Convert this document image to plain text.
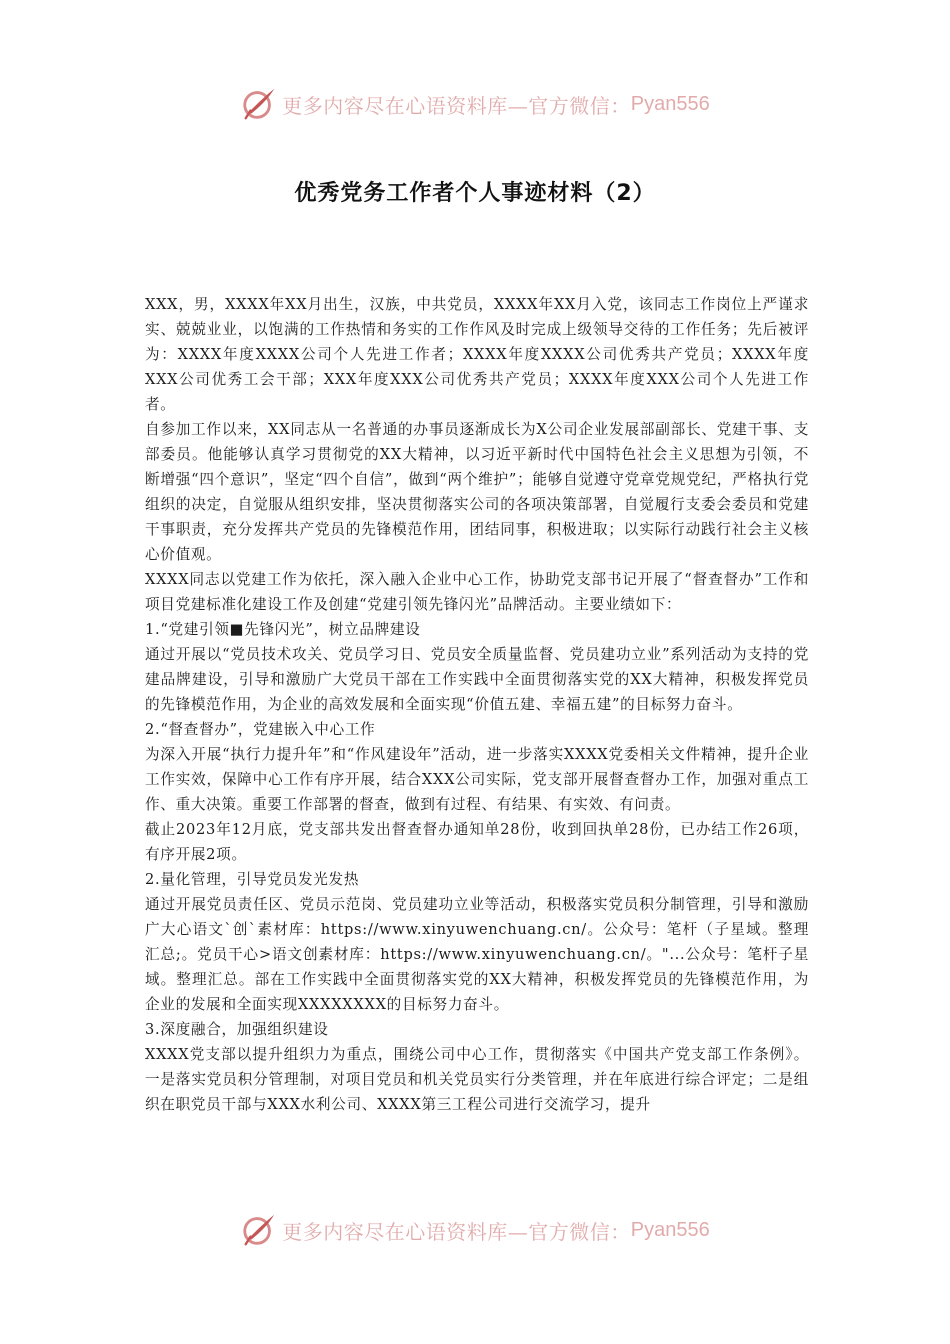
更多内容尽在心语资料库—官方微信： Pyan556
优秀党务工作者个人事迹材料（2）

XXX，男，XXXX年XX月出生，汉族，中共党员，XXXX年XX月入党，该同志工作岗位上严谨求实、兢兢业业，以饱满的工作热情和务实的工作作风及时完成上级领导交待的工作任务；先后被评为：XXXX年度XXXX公司个人先进工作者；XXXX年度XXXX公司优秀共产党员；XXXX年度XXX公司优秀工会干部；XXX年度XXX公司优秀共产党员；XXXX年度XXX公司个人先进工作者。

自参加工作以来，XX同志从一名普通的办事员逐渐成长为X公司企业发展部副部长、党建干事、支部委员。他能够认真学习贯彻党的XX大精神，以习近平新时代中国特色社会主义思想为引领，不断增强“四个意识”，坚定“四个自信”，做到“两个维护”；能够自觉遵守党章党规党纪，严格执行党组织的决定，自觉服从组织安排，坚决贯彻落实公司的各项决策部署，自觉履行支委会委员和党建干事职责，充分发挥共产党员的先锋模范作用，团结同事，积极进取；以实际行动践行社会主义核心价值观。

XXXX同志以党建工作为依托，深入融入企业中心工作，协助党支部书记开展了“督查督办”工作和项目党建标准化建设工作及创建“党建引领先锋闪光”品牌活动。主要业绩如下：

1.“党建引领■先锋闪光”，树立品牌建设

通过开展以“党员技术攻关、党员学习日、党员安全质量监督、党员建功立业”系列活动为支持的党建品牌建设，引导和激励广大党员干部在工作实践中全面贯彻落实党的XX大精神，积极发挥党员的先锋模范作用，为企业的高效发展和全面实现“价值五建、幸福五建”的目标努力奋斗。

2.“督查督办”，党建嵌入中心工作

为深入开展“执行力提升年”和“作风建设年”活动，进一步落实XXXX党委相关文件精神，提升企业工作实效，保障中心工作有序开展，结合XXX公司实际，党支部开展督查督办工作，加强对重点工作、重大决策。重要工作部署的督查，做到有过程、有结果、有实效、有问责。

截止2023年12月底，党支部共发出督查督办通知单28份，收到回执单28份，已办结工作26项，有序开展2项。

2.量化管理，引导党员发光发热

通过开展党员责任区、党员示范岗、党员建功立业等活动，积极落实党员积分制管理，引导和激励广大心语文`创`素材库：https://www.xinyuwenchuang.cn/。公众号：笔杆（子星域。整理汇总;。党员干心>语文创素材库：https://www.xinyuwenchuang.cn/。"...公众号：笔杆子星域。整理汇总。部在工作实践中全面贯彻落实党的XX大精神，积极发挥党员的先锋模范作用，为企业的发展和全面实现XXXXXXXX的目标努力奋斗。

3.深度融合，加强组织建设

XXXX党支部以提升组织力为重点，围绕公司中心工作，贯彻落实《中国共产党支部工作条例》。一是落实党员积分管理制，对项目党员和机关党员实行分类管理，并在年底进行综合评定；二是组织在职党员干部与XXX水利公司、XXXX第三工程公司进行交流学习，提升

更多内容尽在心语资料库—官方微信： Pyan556
